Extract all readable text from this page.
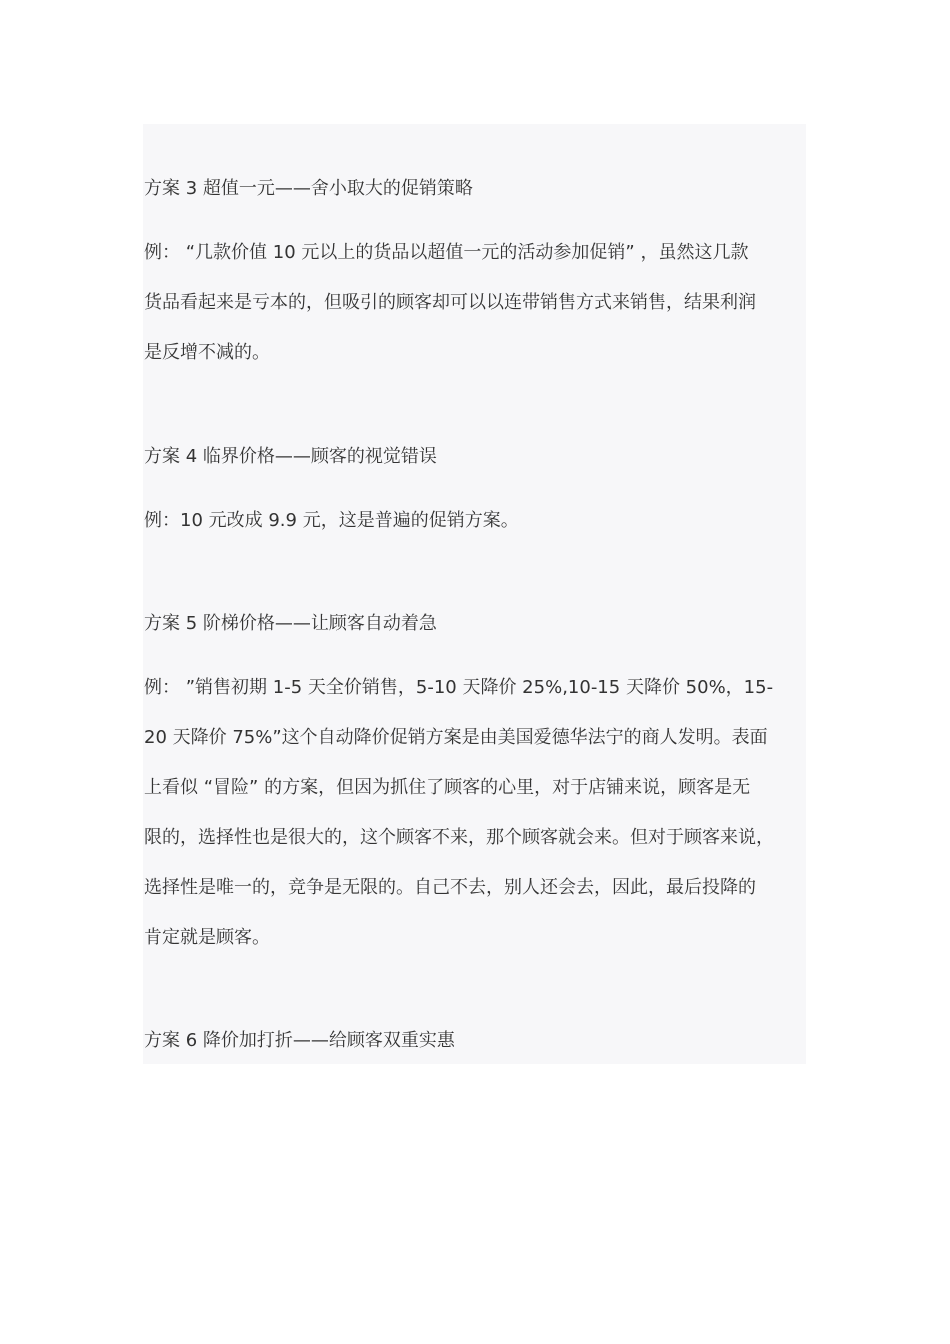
方案 3 超值一元——舍小取大的促销策略
例： “几款价值 10 元以上的货品以超值一元的活动参加促销” ，虽然这几款
货品看起来是亏本的，但吸引的顾客却可以以连带销售方式来销售，结果利润
是反增不减的。
方案 4 临界价格——顾客的视觉错误
例：10 元改成 9.9 元，这是普遍的促销方案。
方案 5 阶梯价格——让顾客自动着急
例： ”销售初期 1-5 天全价销售，5-10 天降价 25%,10-15 天降价 50%，15-
20 天降价 75%”这个自动降价促销方案是由美国爱德华法宁的商人发明。表面
上看似 “冒险” 的方案，但因为抓住了顾客的心里，对于店铺来说，顾客是无
限的，选择性也是很大的，这个顾客不来，那个顾客就会来。但对于顾客来说，
选择性是唯一的，竞争是无限的。自己不去，别人还会去，因此，最后投降的
肯定就是顾客。
方案 6 降价加打折——给顾客双重实惠
